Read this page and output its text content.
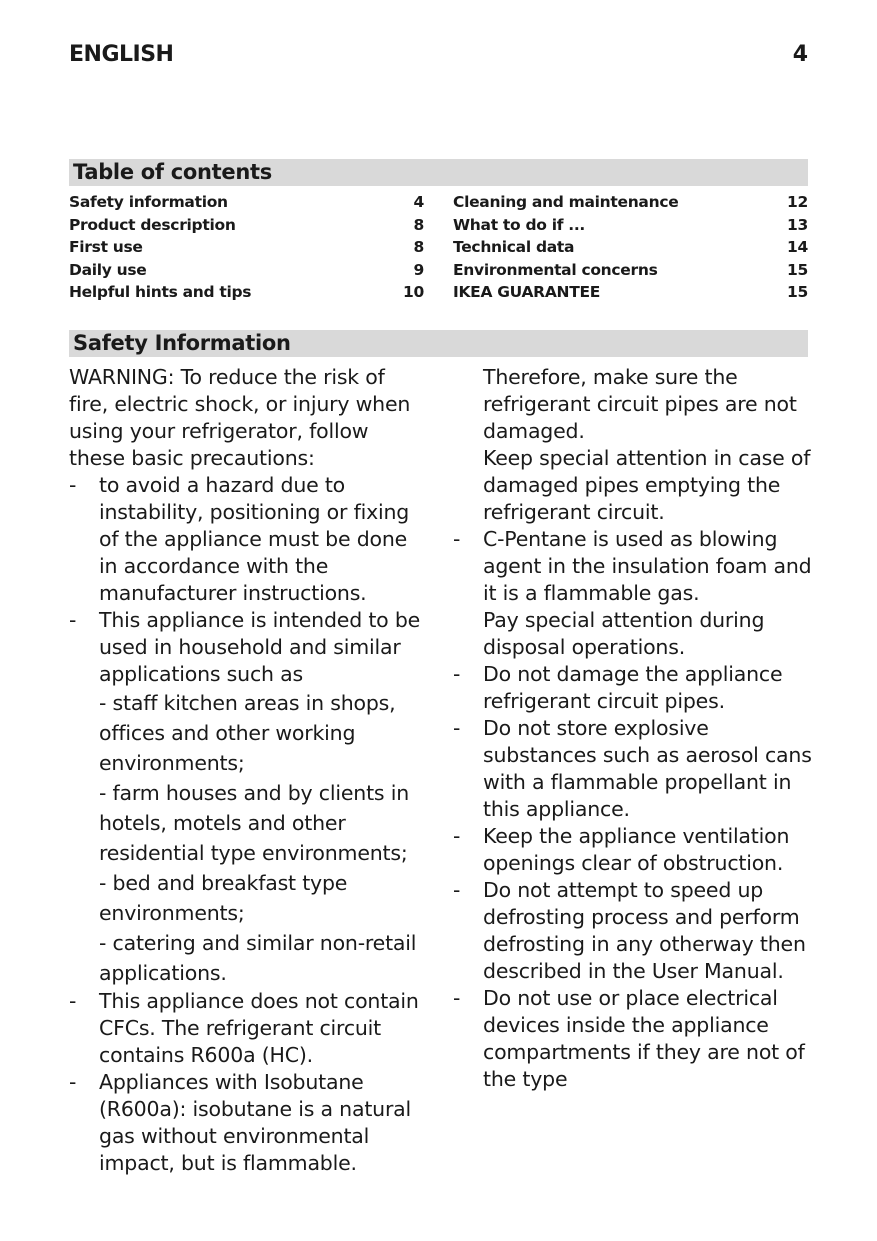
ENGLISH	4
Table of contents
Safety information	4
Product description	8
First use	8
Daily use	9
Helpful hints and tips	10
Cleaning and maintenance	12
What to do if ...	13
Technical data	14
Environmental concerns	15
IKEA GUARANTEE	15
Safety Information

WARNING: To reduce the risk of fire, electric shock, or injury when using your refrigerator, follow these basic precautions:

- to avoid a hazard due to instability, positioning or fixing of the appliance must be done in accordance with the manufacturer instructions.
- This appliance is intended to be used in household and similar applications such as

- staff kitchen areas in shops, offices and other working environments;

- farm houses and by clients in hotels, motels and other residential type environments;

- bed and breakfast type environments;

- catering and similar non-retail applications.

- This appliance does not contain CFCs. The refrigerant circuit contains R600a (HC).
- Appliances with Isobutane (R600a): isobutane is a natural gas without environmental impact, but is flammable.

Therefore, make sure the refrigerant circuit pipes are not damaged.

Keep special attention in case of damaged pipes emptying the refrigerant circuit.

- C-Pentane is used as blowing agent in the insulation foam and it is a flammable gas.

Pay special attention during disposal operations.

- Do not damage the appliance refrigerant circuit pipes.
- Do not store explosive substances such as aerosol cans with a flammable propellant in this appliance.
- Keep the appliance ventilation openings clear of obstruction.
- Do not attempt to speed up defrosting process and perform defrosting in any otherway then described in the User Manual.
- Do not use or place electrical devices inside the appliance compartments if they are not of the type
